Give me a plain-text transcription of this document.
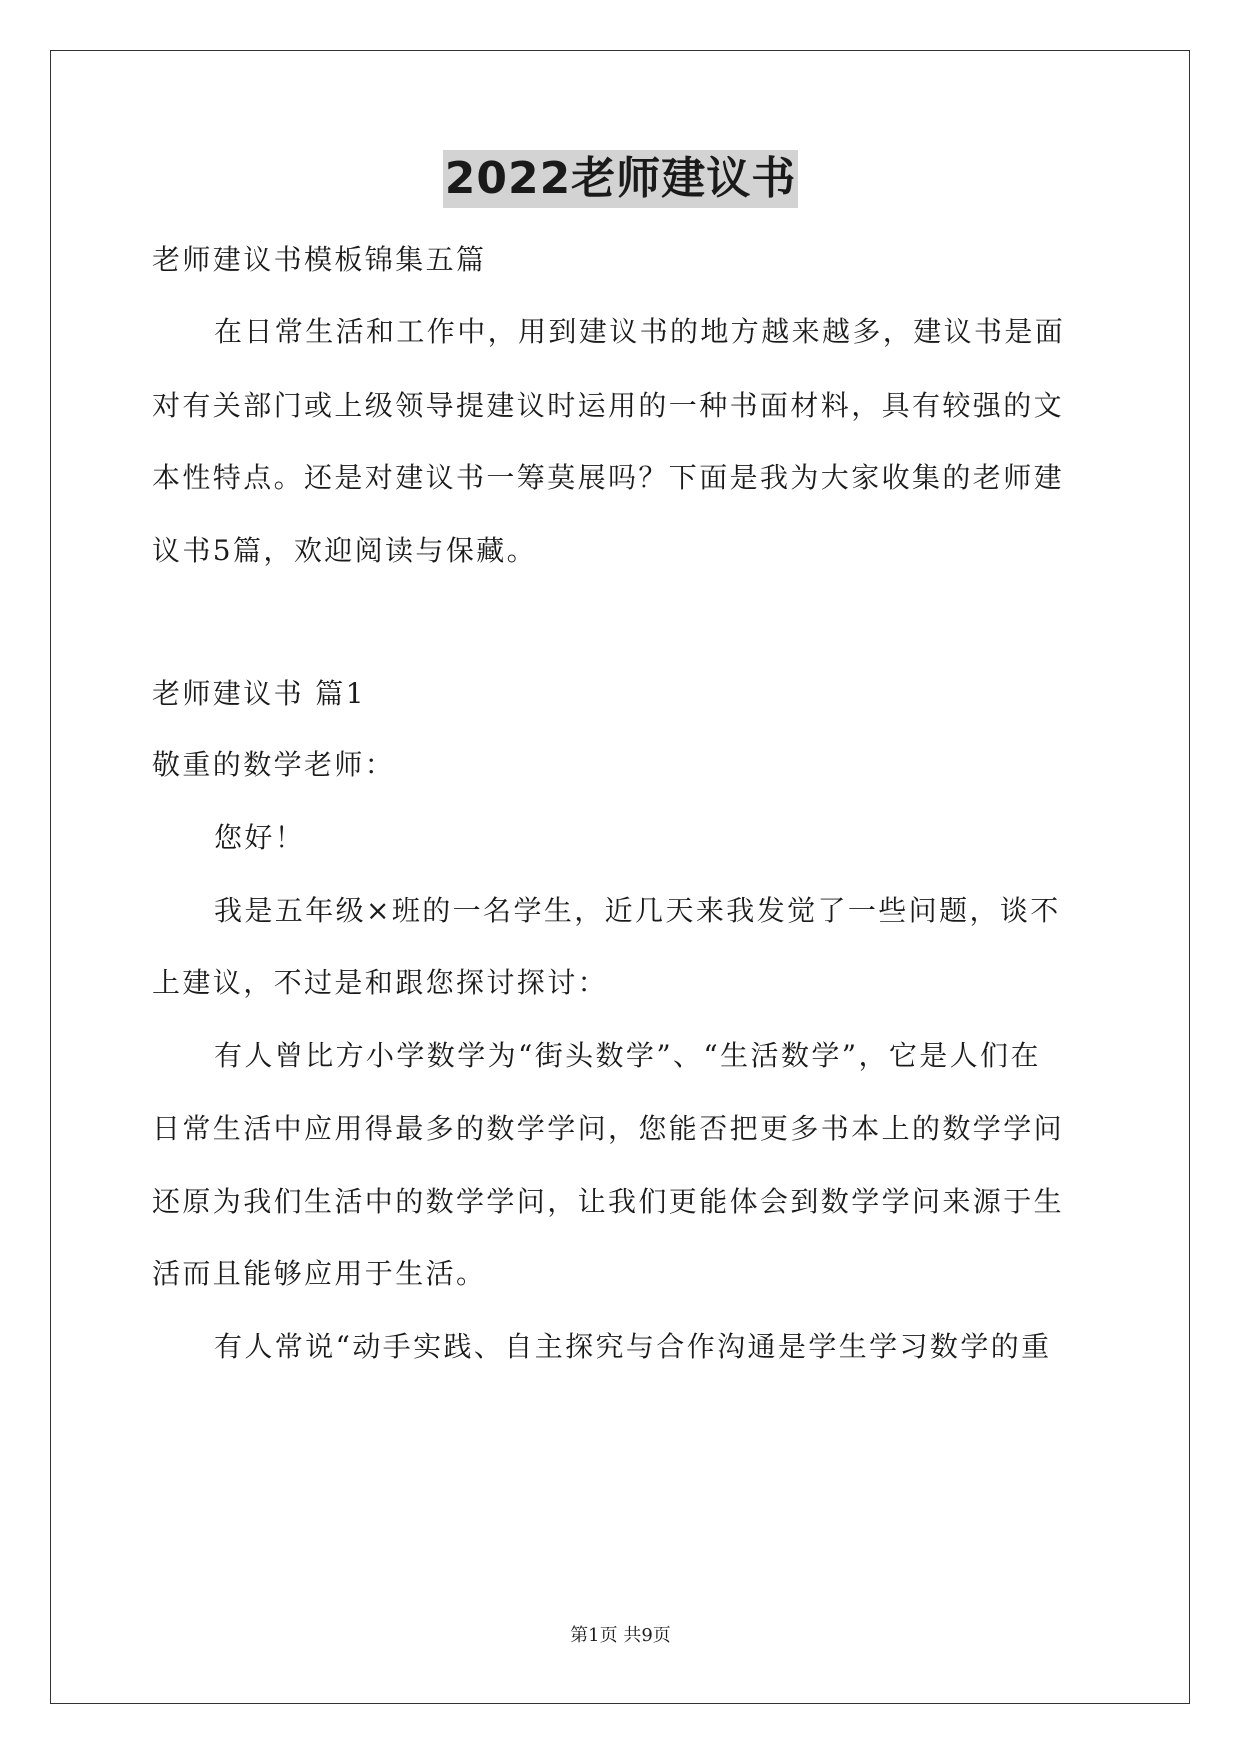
2022老师建议书
老师建议书模板锦集五篇
在日常生活和工作中，用到建议书的地方越来越多，建议书是面
对有关部门或上级领导提建议时运用的一种书面材料，具有较强的文
本性特点。还是对建议书一筹莫展吗？下面是我为大家收集的老师建
议书5篇，欢迎阅读与保藏。
老师建议书 篇1
敬重的数学老师：
您好！
我是五年级×班的一名学生，近几天来我发觉了一些问题，谈不
上建议，不过是和跟您探讨探讨：
有人曾比方小学数学为“街头数学”、“生活数学”，它是人们在
日常生活中应用得最多的数学学问，您能否把更多书本上的数学学问
还原为我们生活中的数学学问，让我们更能体会到数学学问来源于生
活而且能够应用于生活。
有人常说“动手实践、自主探究与合作沟通是学生学习数学的重
第1页 共9页
